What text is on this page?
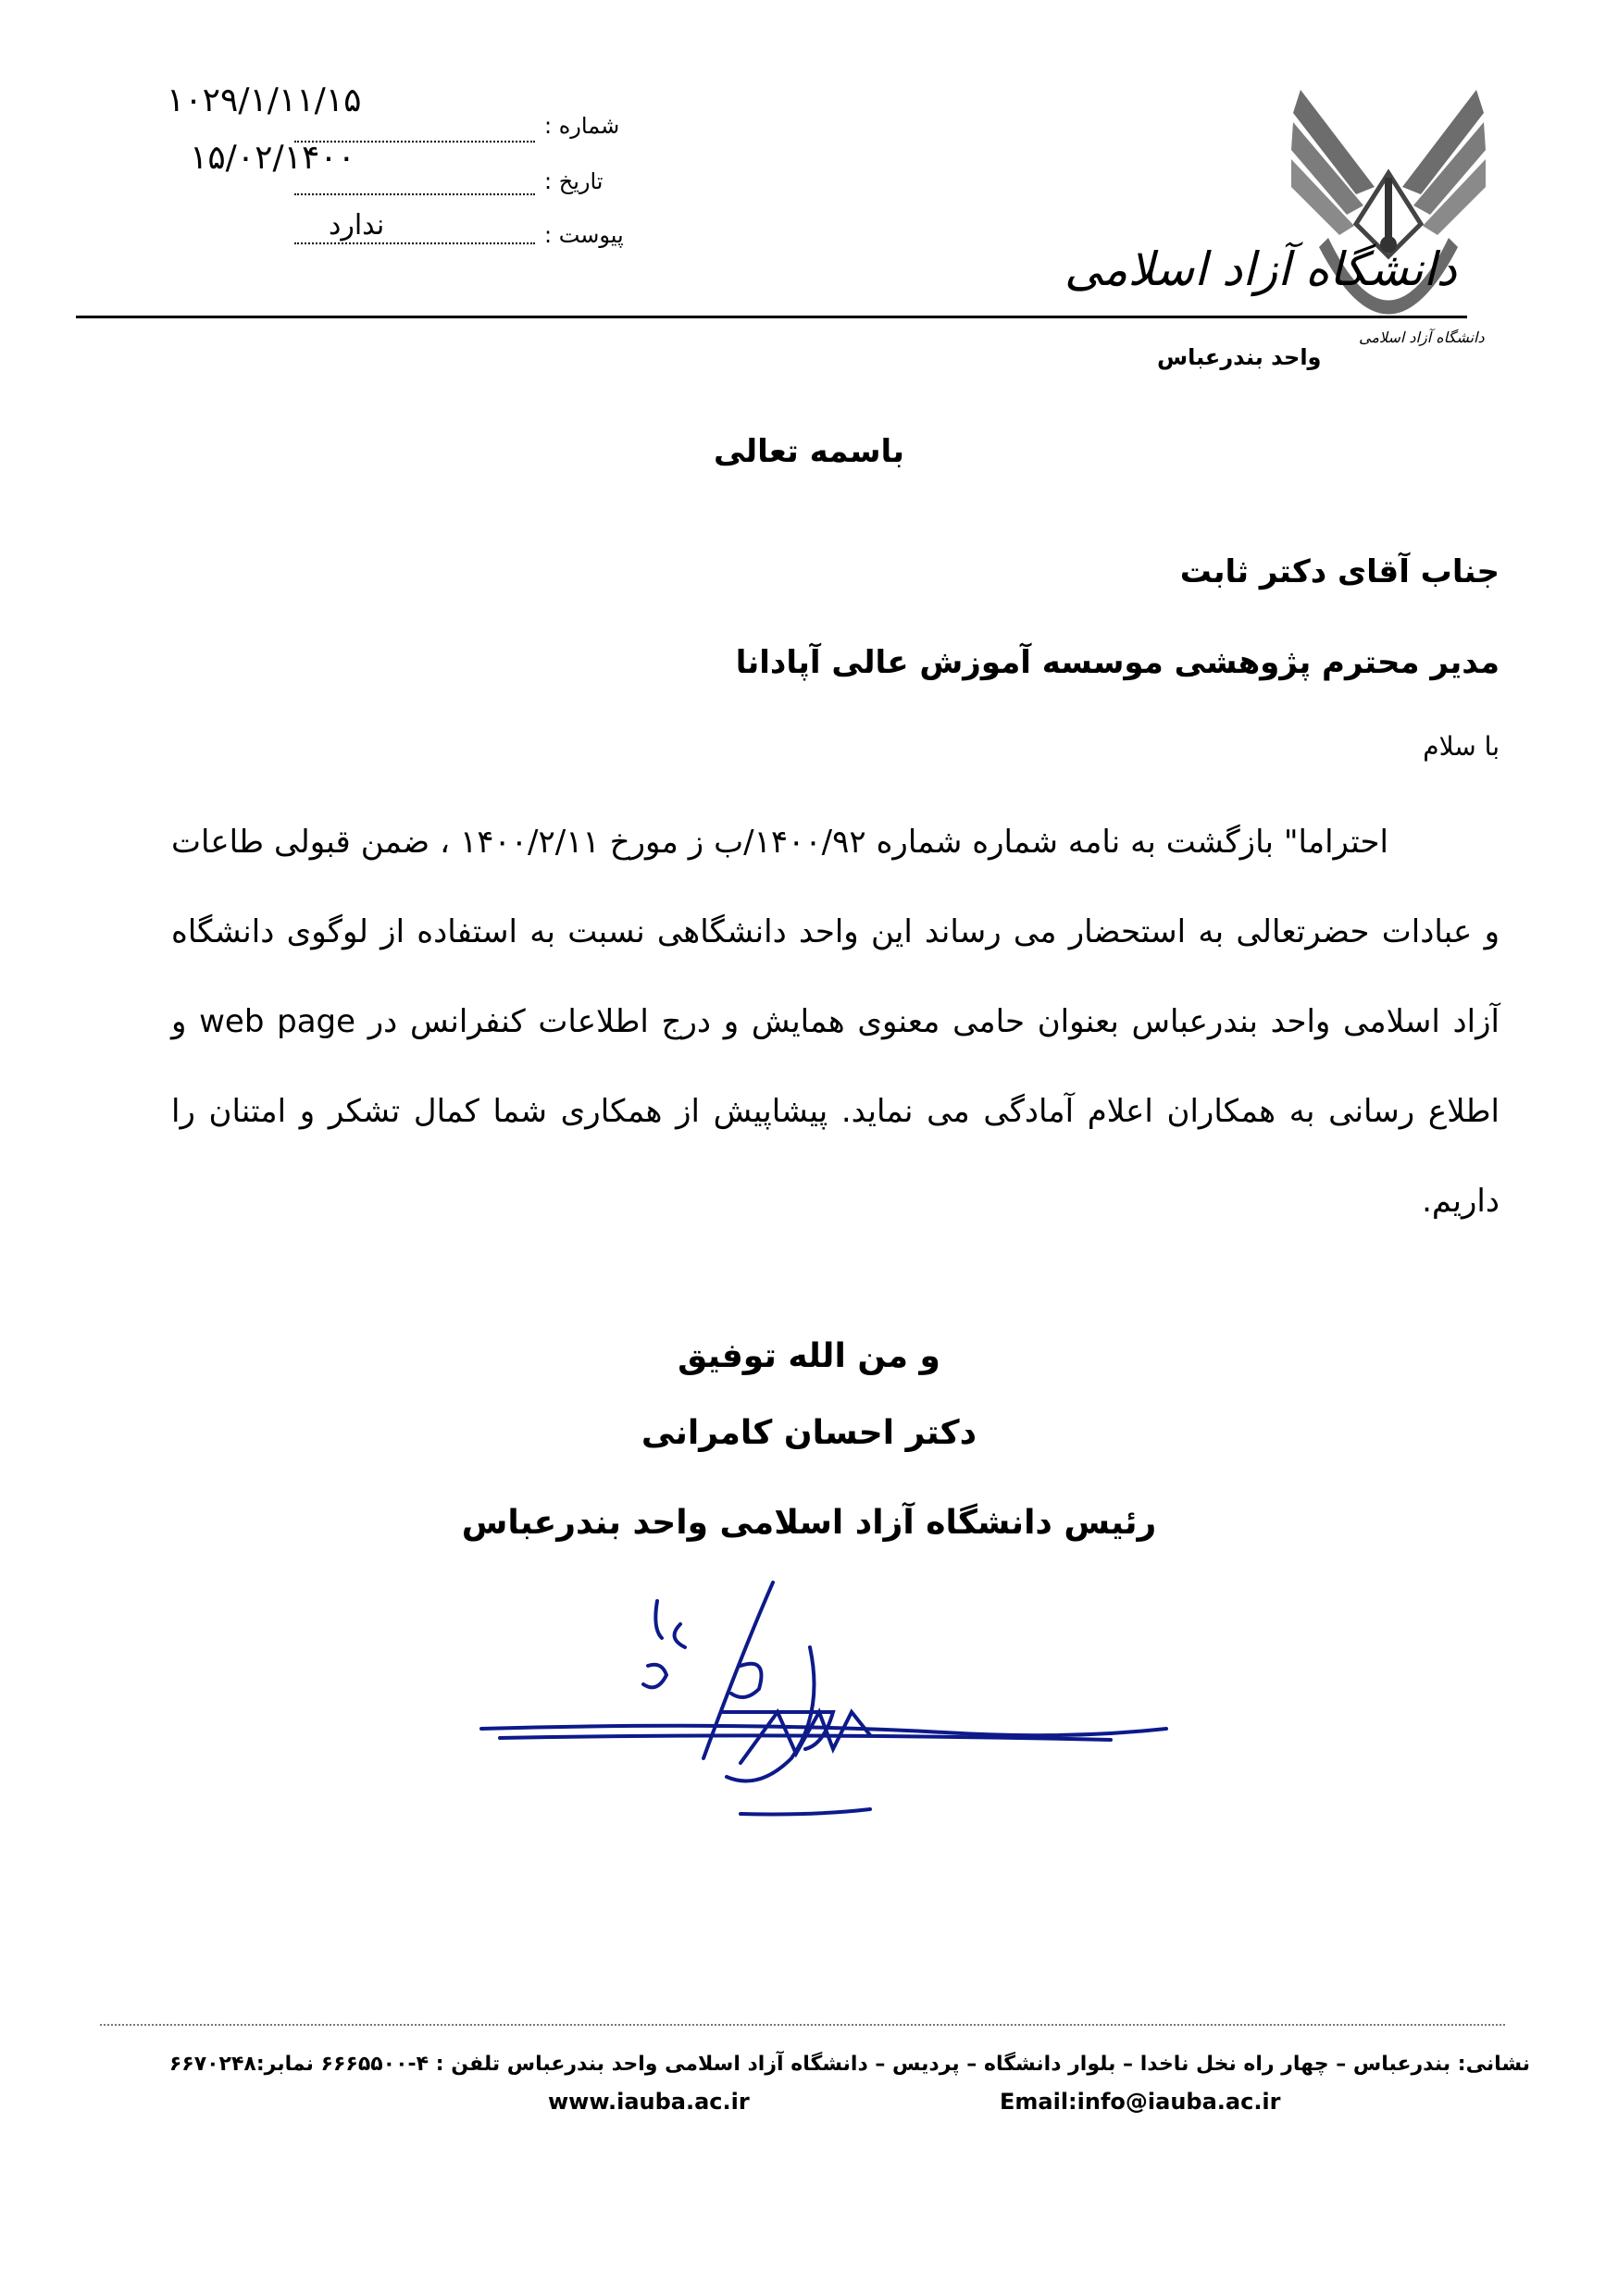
۱۰۲۹/۱/۱۱/۱۵
شماره :
۱۵/۰۲/۱۴۰۰
تاریخ :
ندارد	پیوست :
دانشگاه آزاد اسلامی
دانشگاه آزاد اسلامی
واحد بندرعباس
باسمه تعالی
جناب آقای دکتر ثابت
مدیر محترم پژوهشی موسسه آموزش عالی آپادانا
با سلام

احتراما" بازگشت به نامه شماره شماره ۱۴۰۰/۹۲/ب ز مورخ ۱۴۰۰/۲/۱۱ ، ضمن قبولی طاعات و عبادات حضرتعالی به استحضار می رساند این واحد دانشگاهی نسبت به استفاده از لوگوی دانشگاه آزاد اسلامی واحد بندرعباس بعنوان حامی معنوی همایش و درج اطلاعات کنفرانس در web page و اطلاع رسانی به همکاران اعلام آمادگی می نماید. پیشاپیش از همکاری شما کمال تشکر و امتنان را داریم.

و من الله توفیق
دکتر احسان کامرانی
رئیس دانشگاه آزاد اسلامی واحد بندرعباس
نشانی: بندرعباس – چهار راه نخل ناخدا – بلوار دانشگاه – پردیس – دانشگاه آزاد اسلامی واحد بندرعباس تلفن : ۴-۶۶۶۵۵۰۰ نمابر:۶۶۷۰۲۴۸
Email:info@iauba.ac.ir
www.iauba.ac.ir
